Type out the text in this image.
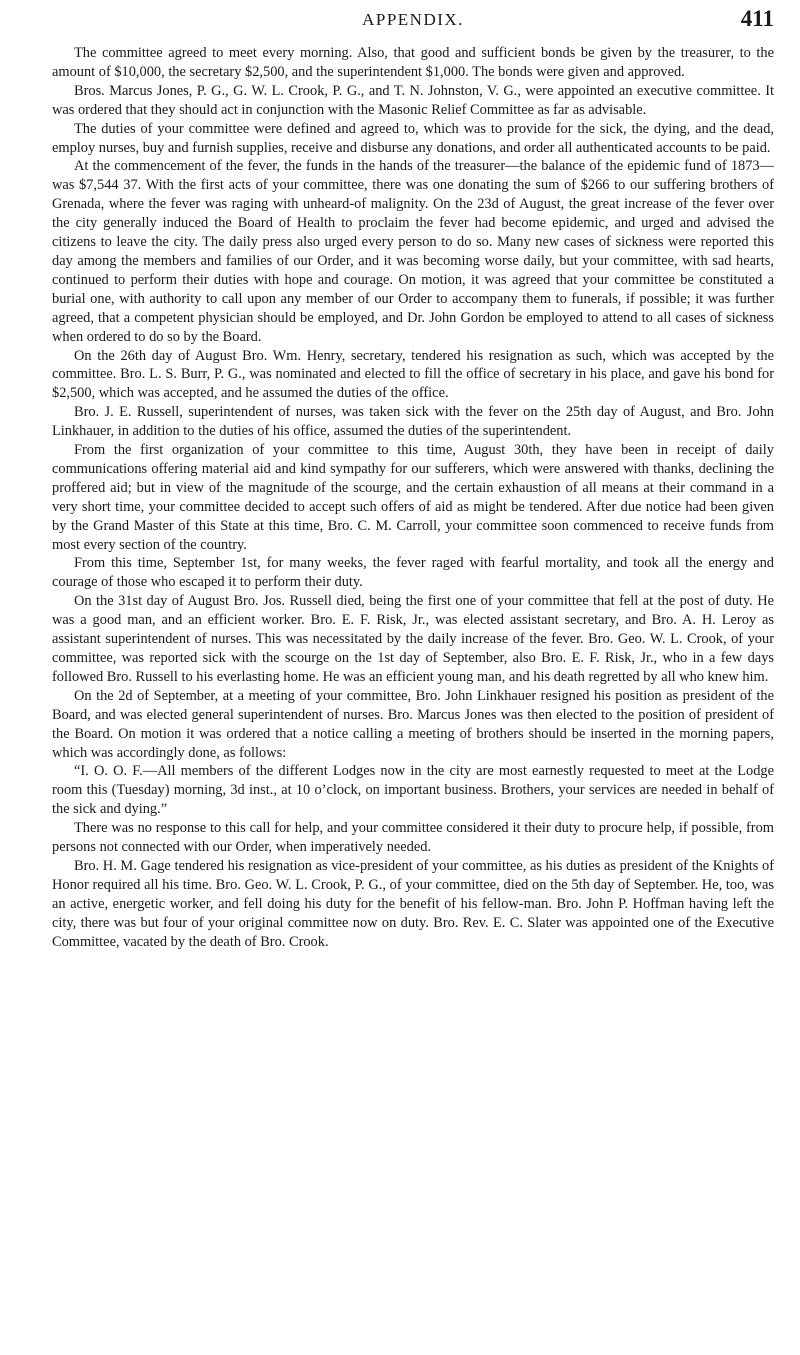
APPENDIX.	411

The committee agreed to meet every morning. Also, that good and sufficient bonds be given by the treasurer, to the amount of $10,000, the secretary $2,500, and the superintendent $1,000. The bonds were given and approved.

Bros. Marcus Jones, P. G., G. W. L. Crook, P. G., and T. N. Johnston, V. G., were appointed an executive committee. It was ordered that they should act in conjunction with the Masonic Relief Committee as far as advisable.

The duties of your committee were defined and agreed to, which was to provide for the sick, the dying, and the dead, employ nurses, buy and furnish supplies, receive and disburse any donations, and order all authenticated accounts to be paid.

At the commencement of the fever, the funds in the hands of the treasurer—the balance of the epidemic fund of 1873—was $7,544 37. With the first acts of your committee, there was one donating the sum of $266 to our suffering brothers of Grenada, where the fever was raging with unheard-of malignity. On the 23d of August, the great increase of the fever over the city generally induced the Board of Health to proclaim the fever had become epidemic, and urged and advised the citizens to leave the city. The daily press also urged every person to do so. Many new cases of sickness were reported this day among the members and families of our Order, and it was becoming worse daily, but your committee, with sad hearts, continued to perform their duties with hope and courage. On motion, it was agreed that your committee be constituted a burial one, with authority to call upon any member of our Order to accompany them to funerals, if possible; it was further agreed, that a competent physician should be employed, and Dr. John Gordon be employed to attend to all cases of sickness when ordered to do so by the Board.

On the 26th day of August Bro. Wm. Henry, secretary, tendered his resignation as such, which was accepted by the committee. Bro. L. S. Burr, P. G., was nominated and elected to fill the office of secretary in his place, and gave his bond for $2,500, which was accepted, and he assumed the duties of the office.

Bro. J. E. Russell, superintendent of nurses, was taken sick with the fever on the 25th day of August, and Bro. John Linkhauer, in addition to the duties of his office, assumed the duties of the superintendent.

From the first organization of your committee to this time, August 30th, they have been in receipt of daily communications offering material aid and kind sympathy for our sufferers, which were answered with thanks, declining the proffered aid; but in view of the magnitude of the scourge, and the certain exhaustion of all means at their command in a very short time, your committee decided to accept such offers of aid as might be tendered. After due notice had been given by the Grand Master of this State at this time, Bro. C. M. Carroll, your committee soon commenced to receive funds from most every section of the country.

From this time, September 1st, for many weeks, the fever raged with fearful mortality, and took all the energy and courage of those who escaped it to perform their duty.

On the 31st day of August Bro. Jos. Russell died, being the first one of your committee that fell at the post of duty. He was a good man, and an efficient worker. Bro. E. F. Risk, Jr., was elected assistant secretary, and Bro. A. H. Leroy as assistant superintendent of nurses. This was necessitated by the daily increase of the fever. Bro. Geo. W. L. Crook, of your committee, was reported sick with the scourge on the 1st day of September, also Bro. E. F. Risk, Jr., who in a few days followed Bro. Russell to his everlasting home. He was an efficient young man, and his death regretted by all who knew him.

On the 2d of September, at a meeting of your committee, Bro. John Linkhauer resigned his position as president of the Board, and was elected general superintendent of nurses. Bro. Marcus Jones was then elected to the position of president of the Board. On motion it was ordered that a notice calling a meeting of brothers should be inserted in the morning papers, which was accordingly done, as follows:

“I. O. O. F.—All members of the different Lodges now in the city are most earnestly requested to meet at the Lodge room this (Tuesday) morning, 3d inst., at 10 o’clock, on important business. Brothers, your services are needed in behalf of the sick and dying.”

There was no response to this call for help, and your committee considered it their duty to procure help, if possible, from persons not connected with our Order, when imperatively needed.

Bro. H. M. Gage tendered his resignation as vice-president of your committee, as his duties as president of the Knights of Honor required all his time. Bro. Geo. W. L. Crook, P. G., of your committee, died on the 5th day of September. He, too, was an active, energetic worker, and fell doing his duty for the benefit of his fellow-man. Bro. John P. Hoffman having left the city, there was but four of your original committee now on duty. Bro. Rev. E. C. Slater was appointed one of the Executive Committee, vacated by the death of Bro. Crook.
